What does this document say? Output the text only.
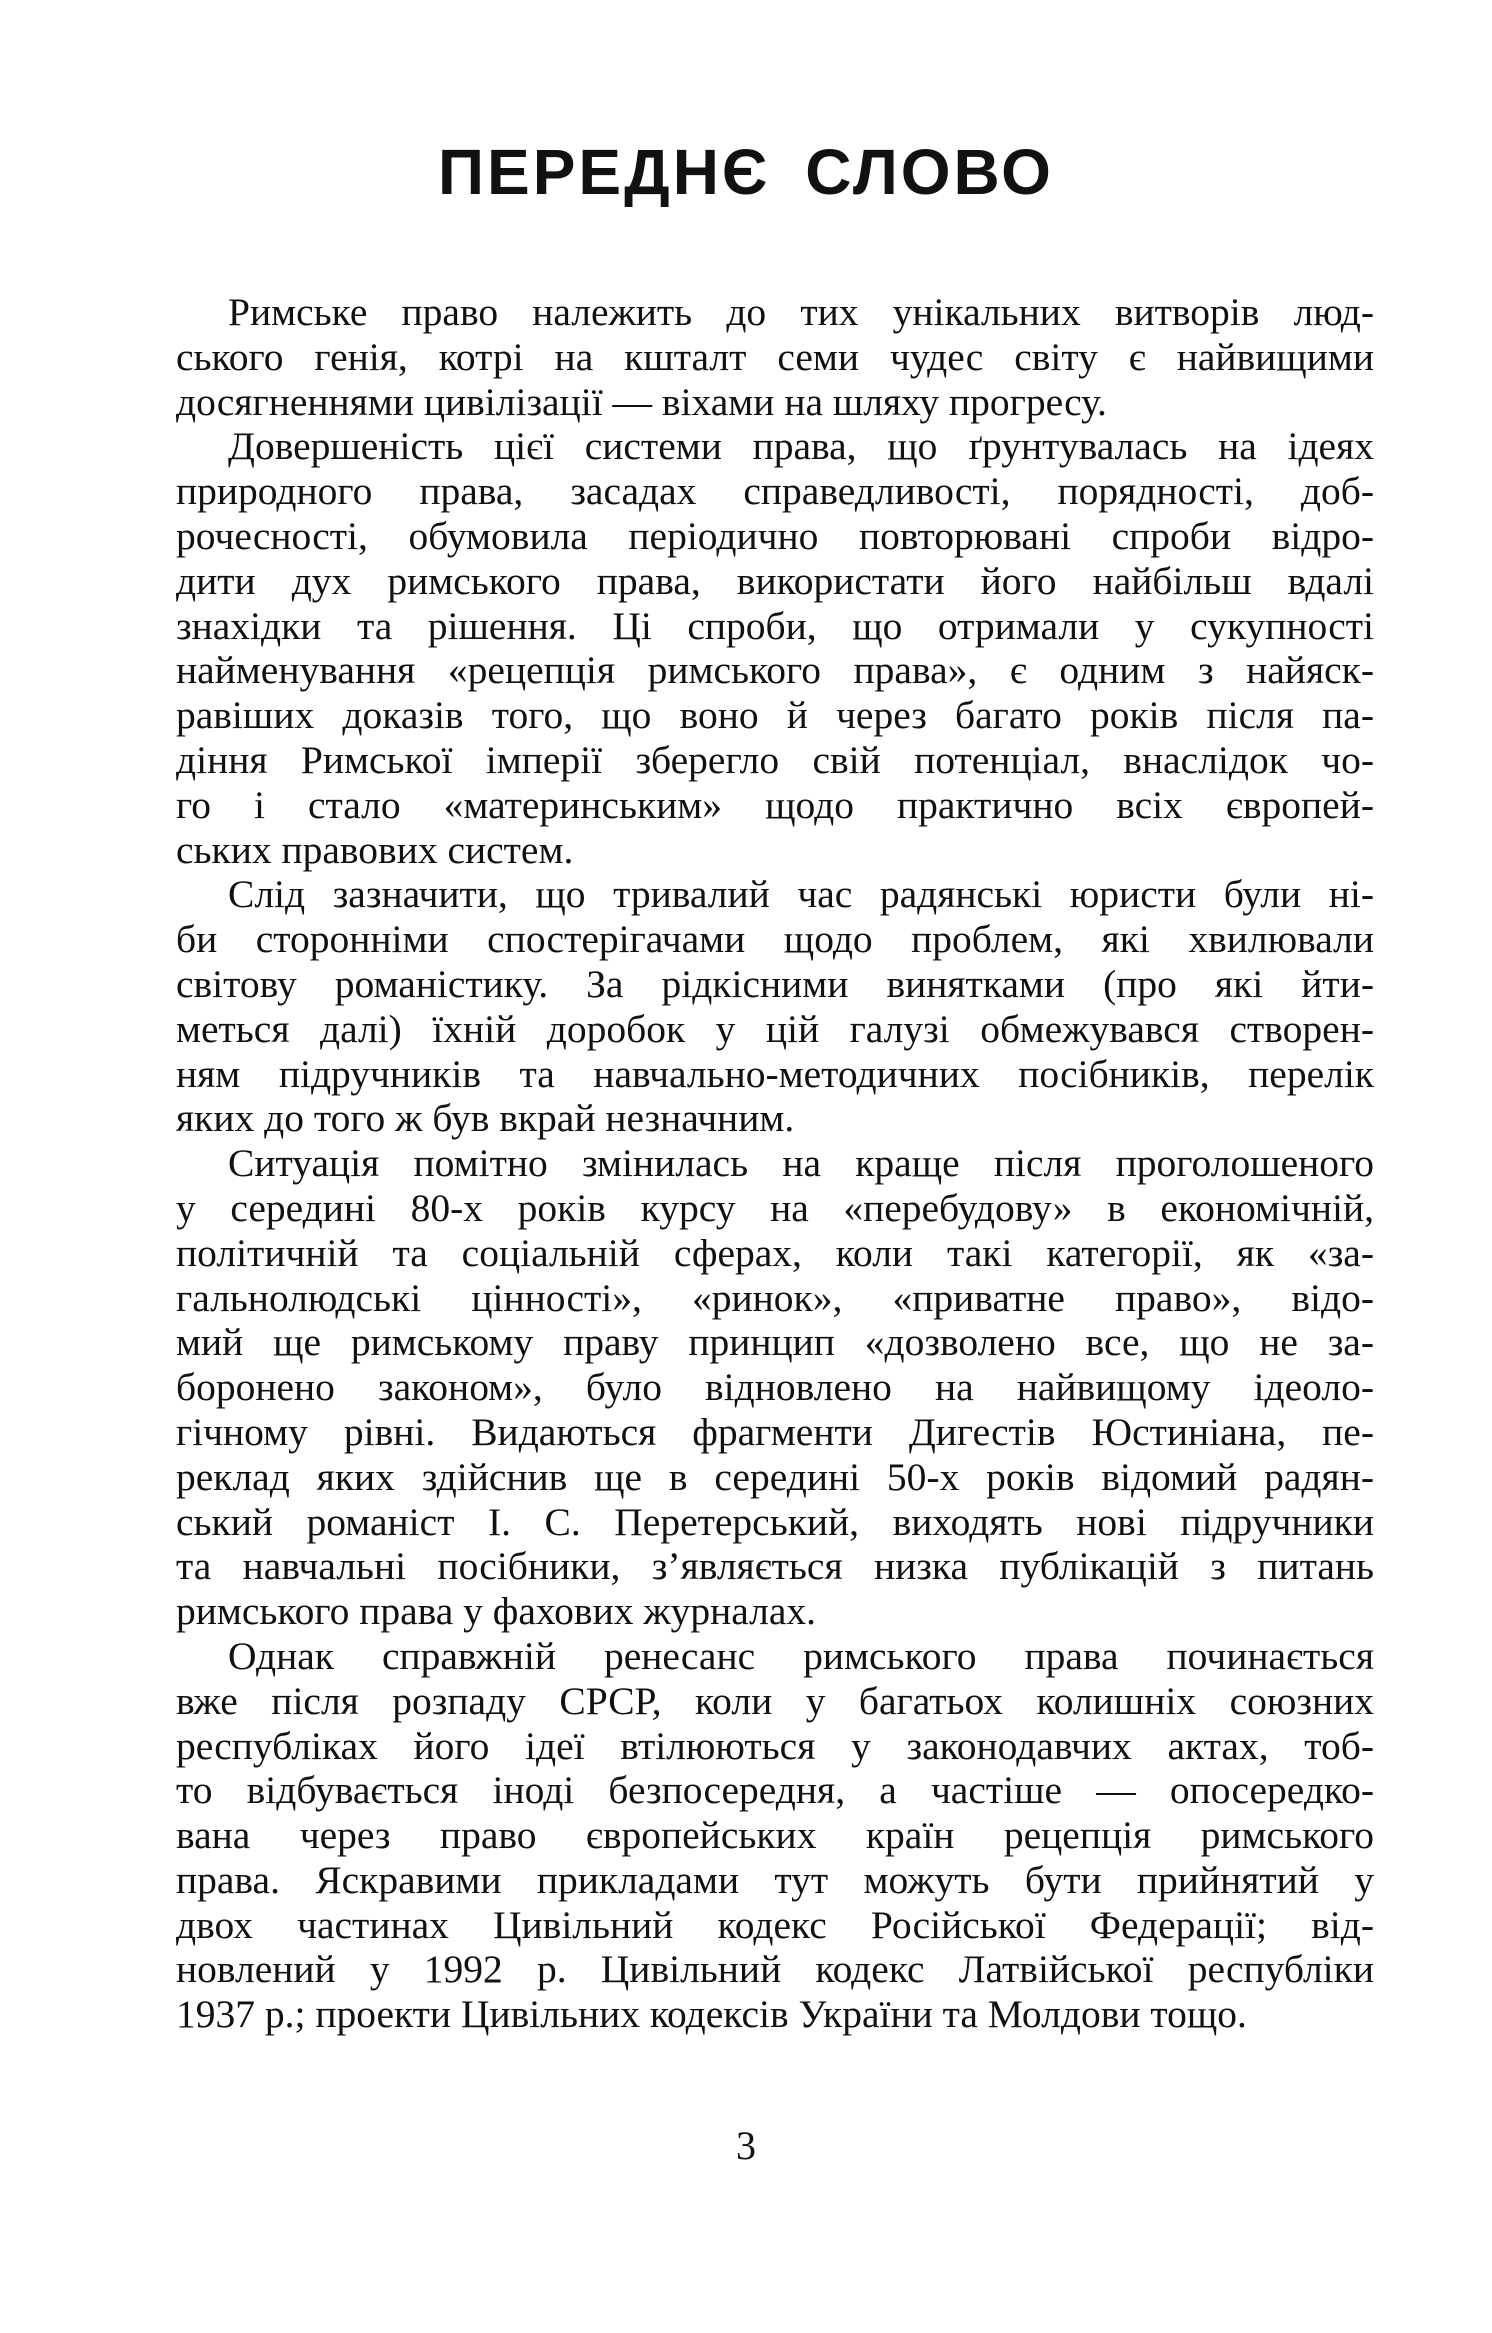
ПЕРЕДНЄ СЛОВО
Римське право належить до тих унікальних витворів люд-
ського генія, котрі на кшталт семи чудес світу є найвищими
досягненнями цивілізації — віхами на шляху прогресу.
Довершеність цієї системи права, що ґрунтувалась на ідеях
природного права, засадах справедливості, порядності, доб-
рочесності, обумовила періодично повторювані спроби відро-
дити дух римського права, використати його найбільш вдалі
знахідки та рішення. Ці спроби, що отримали у сукупності
найменування «рецепція римського права», є одним з найяск-
равіших доказів того, що воно й через багато років після па-
діння Римської імперії зберегло свій потенціал, внаслідок чо-
го і стало «материнським» щодо практично всіх європей-
ських правових систем.
Слід зазначити, що тривалий час радянські юристи були ні-
би сторонніми спостерігачами щодо проблем, які хвилювали
світову романістику. За рідкісними винятками (про які йти-
меться далі) їхній доробок у цій галузі обмежувався створен-
ням підручників та навчально-методичних посібників, перелік
яких до того ж був вкрай незначним.
Ситуація помітно змінилась на краще після проголошеного
у середині 80-х років курсу на «перебудову» в економічній,
політичній та соціальній сферах, коли такі категорії, як «за-
гальнолюдські цінності», «ринок», «приватне право», відо-
мий ще римському праву принцип «дозволено все, що не за-
боронено законом», було відновлено на найвищому ідеоло-
гічному рівні. Видаються фрагменти Дигестів Юстиніана, пе-
реклад яких здійснив ще в середині 50-х років відомий радян-
ський романіст І. С. Перетерський, виходять нові підручники
та навчальні посібники, з’являється низка публікацій з питань
римського права у фахових журналах.
Однак справжній ренесанс римського права починається
вже після розпаду СРСР, коли у багатьох колишніх союзних
республіках його ідеї втілюються у законодавчих актах, тоб-
то відбувається іноді безпосередня, а частіше — опосередко-
вана через право європейських країн рецепція римського
права. Яскравими прикладами тут можуть бути прийнятий у
двох частинах Цивільний кодекс Російської Федерації; від-
новлений у 1992 р. Цивільний кодекс Латвійської республіки
1937 р.; проекти Цивільних кодексів України та Молдови тощо.
3
